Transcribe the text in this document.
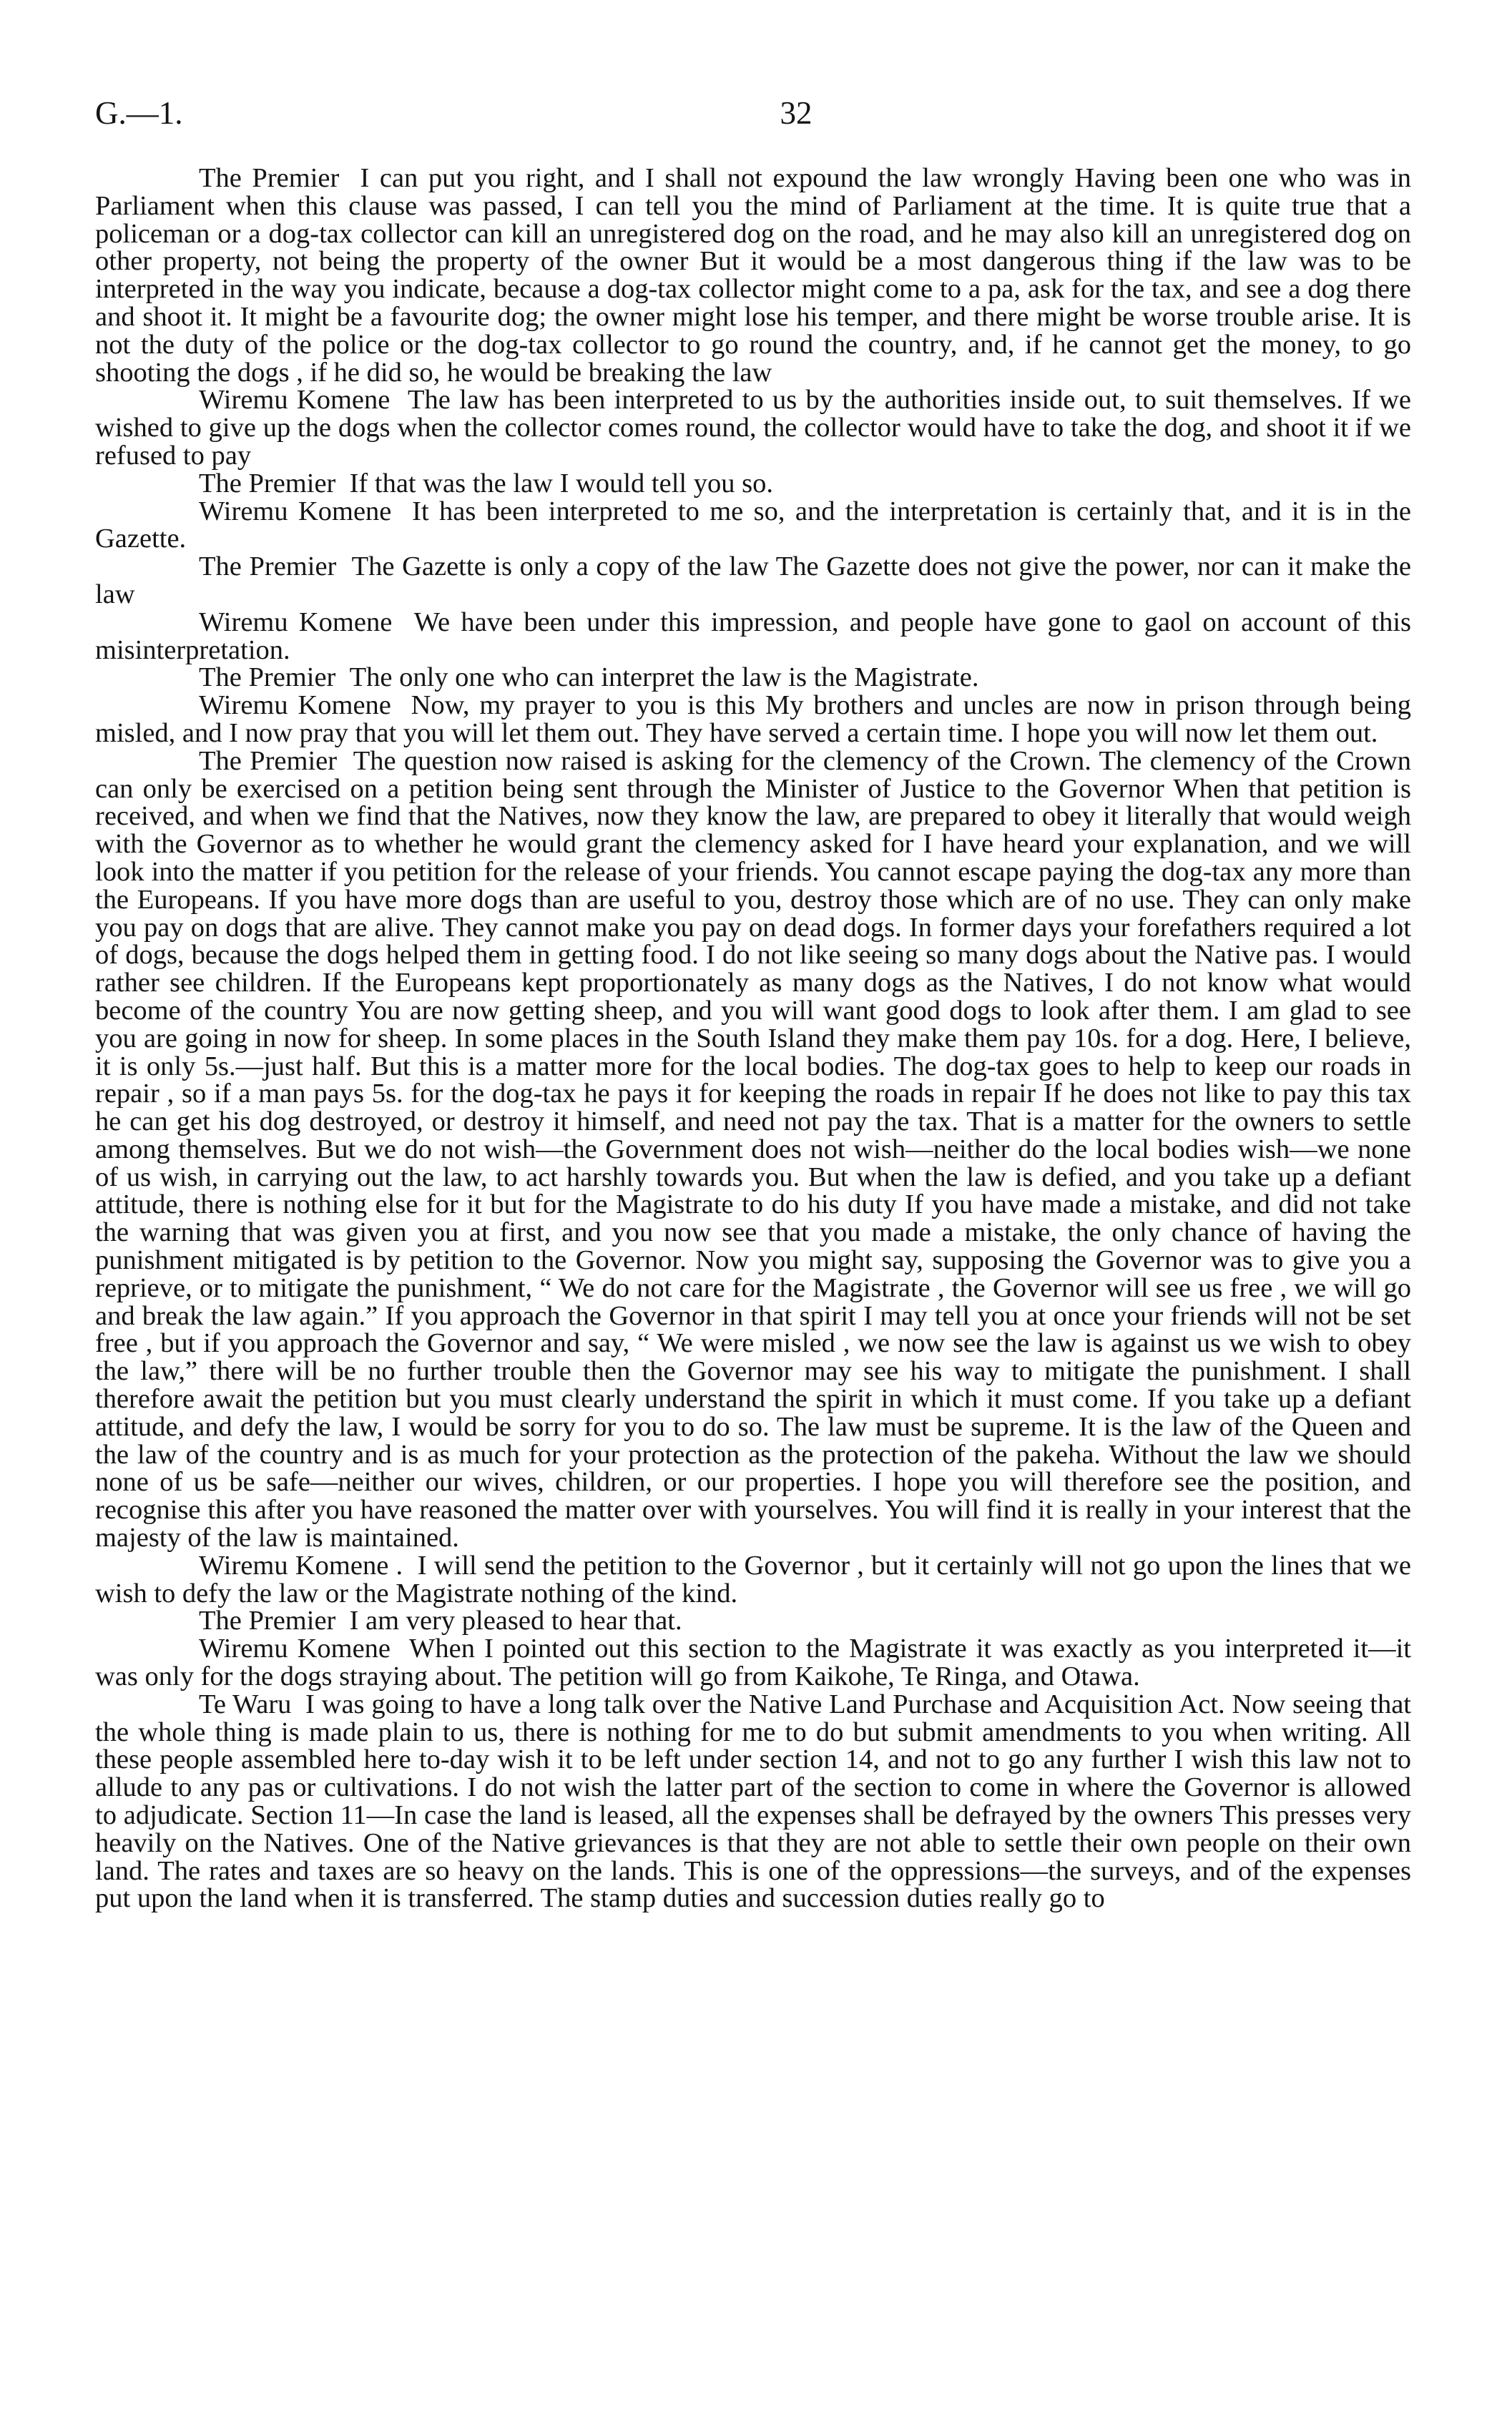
G.—1.	32

The Premier I can put you right, and I shall not expound the law wrongly Having been one who was in Parliament when this clause was passed, I can tell you the mind of Parliament at the time. It is quite true that a policeman or a dog-tax collector can kill an unregistered dog on the road, and he may also kill an unregistered dog on other property, not being the property of the owner But it would be a most dangerous thing if the law was to be interpreted in the way you indicate, because a dog-tax collector might come to a pa, ask for the tax, and see a dog there and shoot it. It might be a favourite dog; the owner might lose his temper, and there might be worse trouble arise. It is not the duty of the police or the dog-tax collector to go round the country, and, if he cannot get the money, to go shooting the dogs , if he did so, he would be breaking the law

Wiremu Komene The law has been interpreted to us by the authorities inside out, to suit themselves. If we wished to give up the dogs when the collector comes round, the collector would have to take the dog, and shoot it if we refused to pay

The Premier If that was the law I would tell you so.

Wiremu Komene It has been interpreted to me so, and the interpretation is certainly that, and it is in the Gazette.

The Premier The Gazette is only a copy of the law The Gazette does not give the power, nor can it make the law

Wiremu Komene We have been under this impression, and people have gone to gaol on account of this misinterpretation.

The Premier The only one who can interpret the law is the Magistrate.

Wiremu Komene Now, my prayer to you is this My brothers and uncles are now in prison through being misled, and I now pray that you will let them out. They have served a certain time. I hope you will now let them out.

The Premier The question now raised is asking for the clemency of the Crown. The clemency of the Crown can only be exercised on a petition being sent through the Minister of Justice to the Governor When that petition is received, and when we find that the Natives, now they know the law, are prepared to obey it literally that would weigh with the Governor as to whether he would grant the clemency asked for I have heard your explanation, and we will look into the matter if you petition for the release of your friends. You cannot escape paying the dog-tax any more than the Europeans. If you have more dogs than are useful to you, destroy those which are of no use. They can only make you pay on dogs that are alive. They cannot make you pay on dead dogs. In former days your forefathers required a lot of dogs, because the dogs helped them in getting food. I do not like seeing so many dogs about the Native pas. I would rather see children. If the Europeans kept proportionately as many dogs as the Natives, I do not know what would become of the country You are now getting sheep, and you will want good dogs to look after them. I am glad to see you are going in now for sheep. In some places in the South Island they make them pay 10s. for a dog. Here, I believe, it is only 5s.—just half. But this is a matter more for the local bodies. The dog-tax goes to help to keep our roads in repair , so if a man pays 5s. for the dog-tax he pays it for keeping the roads in repair If he does not like to pay this tax he can get his dog destroyed, or destroy it himself, and need not pay the tax. That is a matter for the owners to settle among themselves. But we do not wish—the Government does not wish—neither do the local bodies wish—we none of us wish, in carrying out the law, to act harshly towards you. But when the law is defied, and you take up a defiant attitude, there is nothing else for it but for the Magistrate to do his duty If you have made a mistake, and did not take the warning that was given you at first, and you now see that you made a mistake, the only chance of having the punishment mitigated is by petition to the Governor. Now you might say, supposing the Governor was to give you a reprieve, or to mitigate the punishment, “ We do not care for the Magistrate , the Governor will see us free , we will go and break the law again.” If you approach the Governor in that spirit I may tell you at once your friends will not be set free , but if you approach the Governor and say, “ We were misled , we now see the law is against us we wish to obey the law,” there will be no further trouble then the Governor may see his way to mitigate the punishment. I shall therefore await the petition but you must clearly understand the spirit in which it must come. If you take up a defiant attitude, and defy the law, I would be sorry for you to do so. The law must be supreme. It is the law of the Queen and the law of the country and is as much for your protection as the protection of the pakeha. Without the law we should none of us be safe—neither our wives, children, or our properties. I hope you will therefore see the position, and recognise this after you have reasoned the matter over with yourselves. You will find it is really in your interest that the majesty of the law is maintained.

Wiremu Komene . I will send the petition to the Governor , but it certainly will not go upon the lines that we wish to defy the law or the Magistrate nothing of the kind.

The Premier I am very pleased to hear that.

Wiremu Komene When I pointed out this section to the Magistrate it was exactly as you interpreted it—it was only for the dogs straying about. The petition will go from Kaikohe, Te Ringa, and Otawa.

Te Waru I was going to have a long talk over the Native Land Purchase and Acquisition Act. Now seeing that the whole thing is made plain to us, there is nothing for me to do but submit amendments to you when writing. All these people assembled here to-day wish it to be left under section 14, and not to go any further I wish this law not to allude to any pas or cultivations. I do not wish the latter part of the section to come in where the Governor is allowed to adjudicate. Section 11—In case the land is leased, all the expenses shall be defrayed by the owners This presses very heavily on the Natives. One of the Native grievances is that they are not able to settle their own people on their own land. The rates and taxes are so heavy on the lands. This is one of the oppressions—the surveys, and of the expenses put upon the land when it is transferred. The stamp duties and succession duties really go to
